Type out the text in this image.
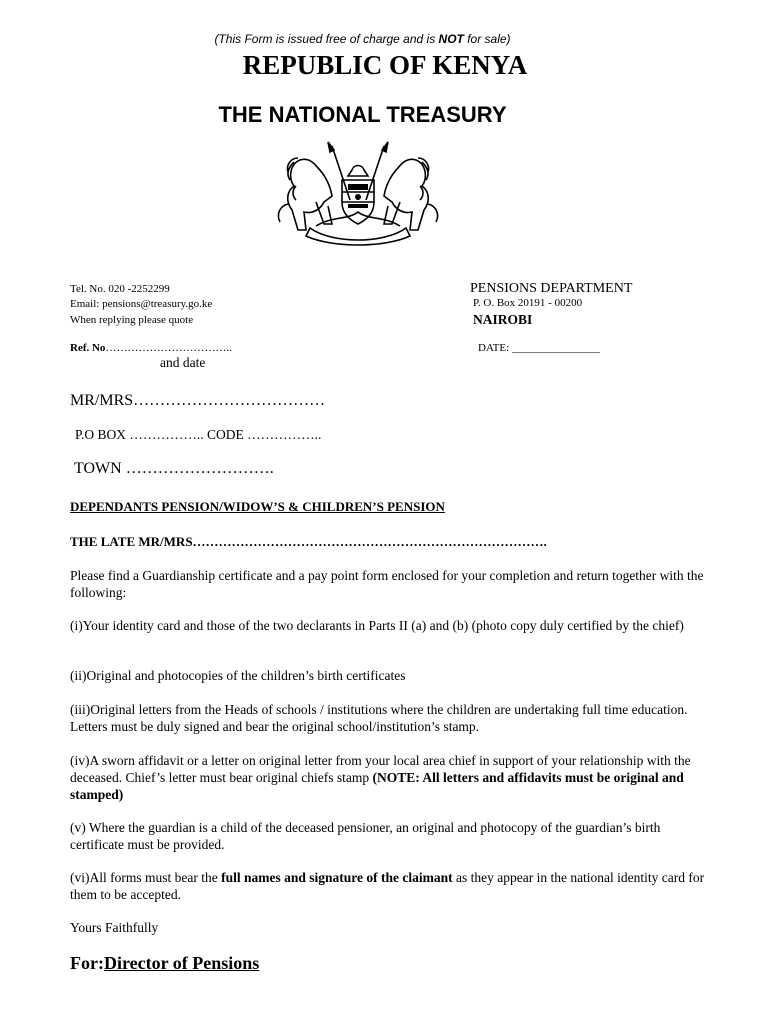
(This Form is issued free of charge and is NOT for sale)
REPUBLIC OF KENYA
THE NATIONAL TREASURY
Tel. No. 020 -2252299
Email: pensions@treasury.go.ke
When replying please quote
Ref. No……………………………..
and date
PENSIONS DEPARTMENT
P. O. Box 20191 - 00200
NAIROBI
DATE: ________________
MR/MRS………………………………
P.O BOX …………….. CODE ……………..
TOWN ……………………….
DEPENDANTS PENSION/WIDOW’S & CHILDREN’S PENSION
THE LATE MR/MRS……………………………………………………………………….
Please find a Guardianship certificate and a pay point form enclosed for your completion and return together with the following:
(i)Your identity card and those of the two declarants in Parts II (a) and (b) (photo copy duly certified by the chief)
(ii)Original and photocopies of the children’s birth certificates
(iii)Original letters from the Heads of schools / institutions where the children are undertaking full time education. Letters must be duly signed and bear the original school/institution’s stamp.
(iv)A sworn affidavit or a letter on original letter from your local area chief in support of your relationship with the deceased. Chief’s letter must bear original chiefs stamp (NOTE: All letters and affidavits must be original and stamped)
(v) Where the guardian is a child of the deceased pensioner, an original and photocopy of the guardian’s birth certificate must be provided.
(vi)All forms must bear the full names and signature of the claimant as they appear in the national identity card for them to be accepted.
Yours Faithfully
For:Director of Pensions
